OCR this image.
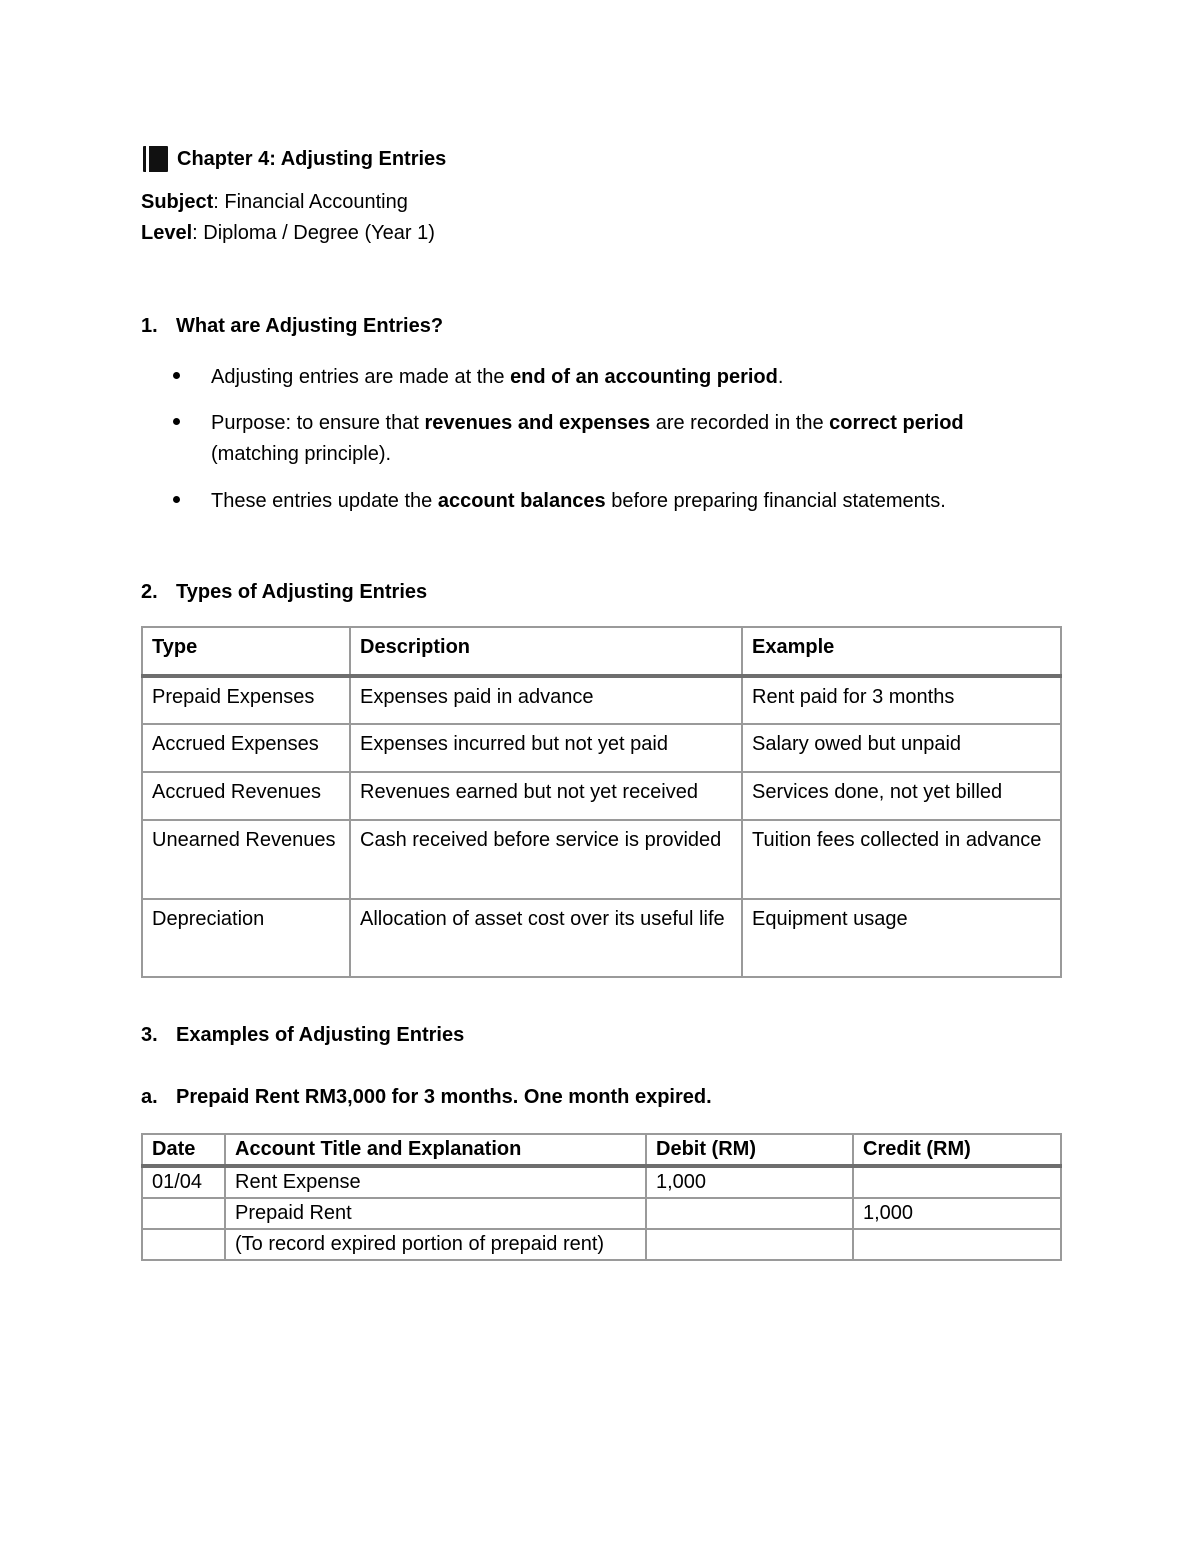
Chapter 4: Adjusting Entries
Subject: Financial Accounting
Level: Diploma / Degree (Year 1)
1. What are Adjusting Entries?
Adjusting entries are made at the end of an accounting period.
Purpose: to ensure that revenues and expenses are recorded in the correct period
(matching principle).
These entries update the account balances before preparing financial statements.
2. Types of Adjusting Entries
Type	Description	Example
Prepaid Expenses	Expenses paid in advance	Rent paid for 3 months
Accrued Expenses	Expenses incurred but not yet paid	Salary owed but unpaid
Accrued Revenues	Revenues earned but not yet received	Services done, not yet billed
Unearned Revenues	Cash received before service is provided	Tuition fees collected in advance
Depreciation	Allocation of asset cost over its useful life	Equipment usage
3. Examples of Adjusting Entries
a. Prepaid Rent RM3,000 for 3 months. One month expired.
Date	Account Title and Explanation	Debit (RM)	Credit (RM)
01/04	Rent Expense	1,000	
	Prepaid Rent		1,000
	(To record expired portion of prepaid rent)		
